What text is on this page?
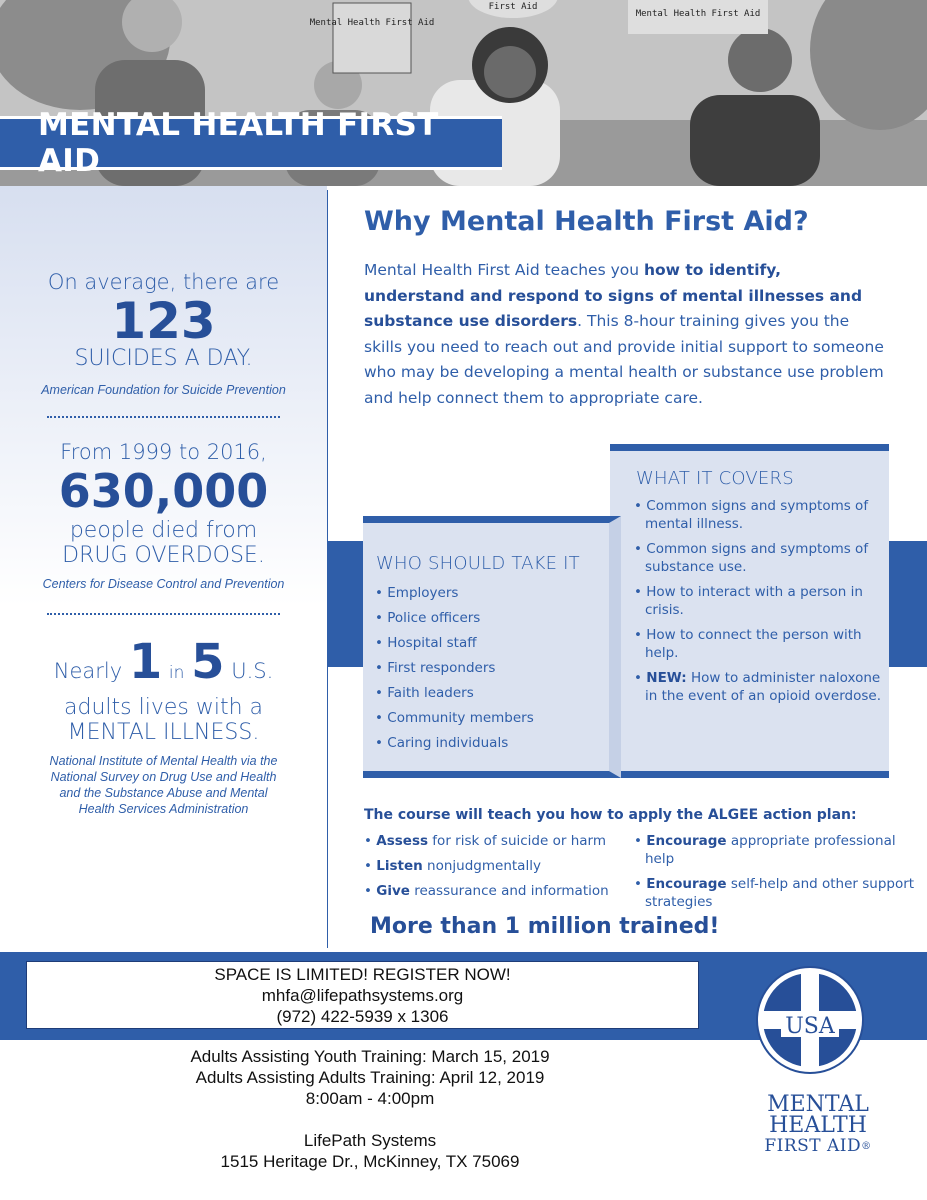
Mental Health First Aid
First Aid
Mental Health First Aid
MENTAL HEALTH FIRST AID
On average, there are
123
SUICIDES A DAY.
American Foundation for Suicide Prevention
From 1999 to 2016,
630,000
people died from
DRUG OVERDOSE.
Centers for Disease Control and Prevention
Nearly 1 in 5 U.S.
adults lives with a
MENTAL ILLNESS.
National Institute of Mental Health via the
National Survey on Drug Use and Health
and the Substance Abuse and Mental
Health Services Administration
Why Mental Health First Aid?
Mental Health First Aid teaches you how to identify, understand and respond to signs of mental illnesses and substance use disorders. This 8-hour training gives you the skills you need to reach out and provide initial support to someone who may be developing a mental health or substance use problem and help connect them to appropriate care.
WHAT IT COVERS
• Common signs and symptoms of mental illness.
• Common signs and symptoms of substance use.
• How to interact with a person in crisis.
• How to connect the person with help.
• NEW: How to administer naloxone in the event of an opioid overdose.
WHO SHOULD TAKE IT
• Employers
• Police officers
• Hospital staff
• First responders
• Faith leaders
• Community members
• Caring individuals
The course will teach you how to apply the ALGEE action plan:
• Assess for risk of suicide or harm
• Listen nonjudgmentally
• Give reassurance and information
• Encourage appropriate professional help
• Encourage self-help and other support strategies
More than 1 million trained!
SPACE IS LIMITED! REGISTER NOW!
mhfa@lifepathsystems.org
(972) 422-5939 x 1306
Adults Assisting Youth Training: March 15, 2019
Adults Assisting Adults Training: April 12, 2019
8:00am - 4:00pm
LifePath Systems
1515 Heritage Dr., McKinney, TX 75069
USA
MENTAL
HEALTH
FIRST AID®
